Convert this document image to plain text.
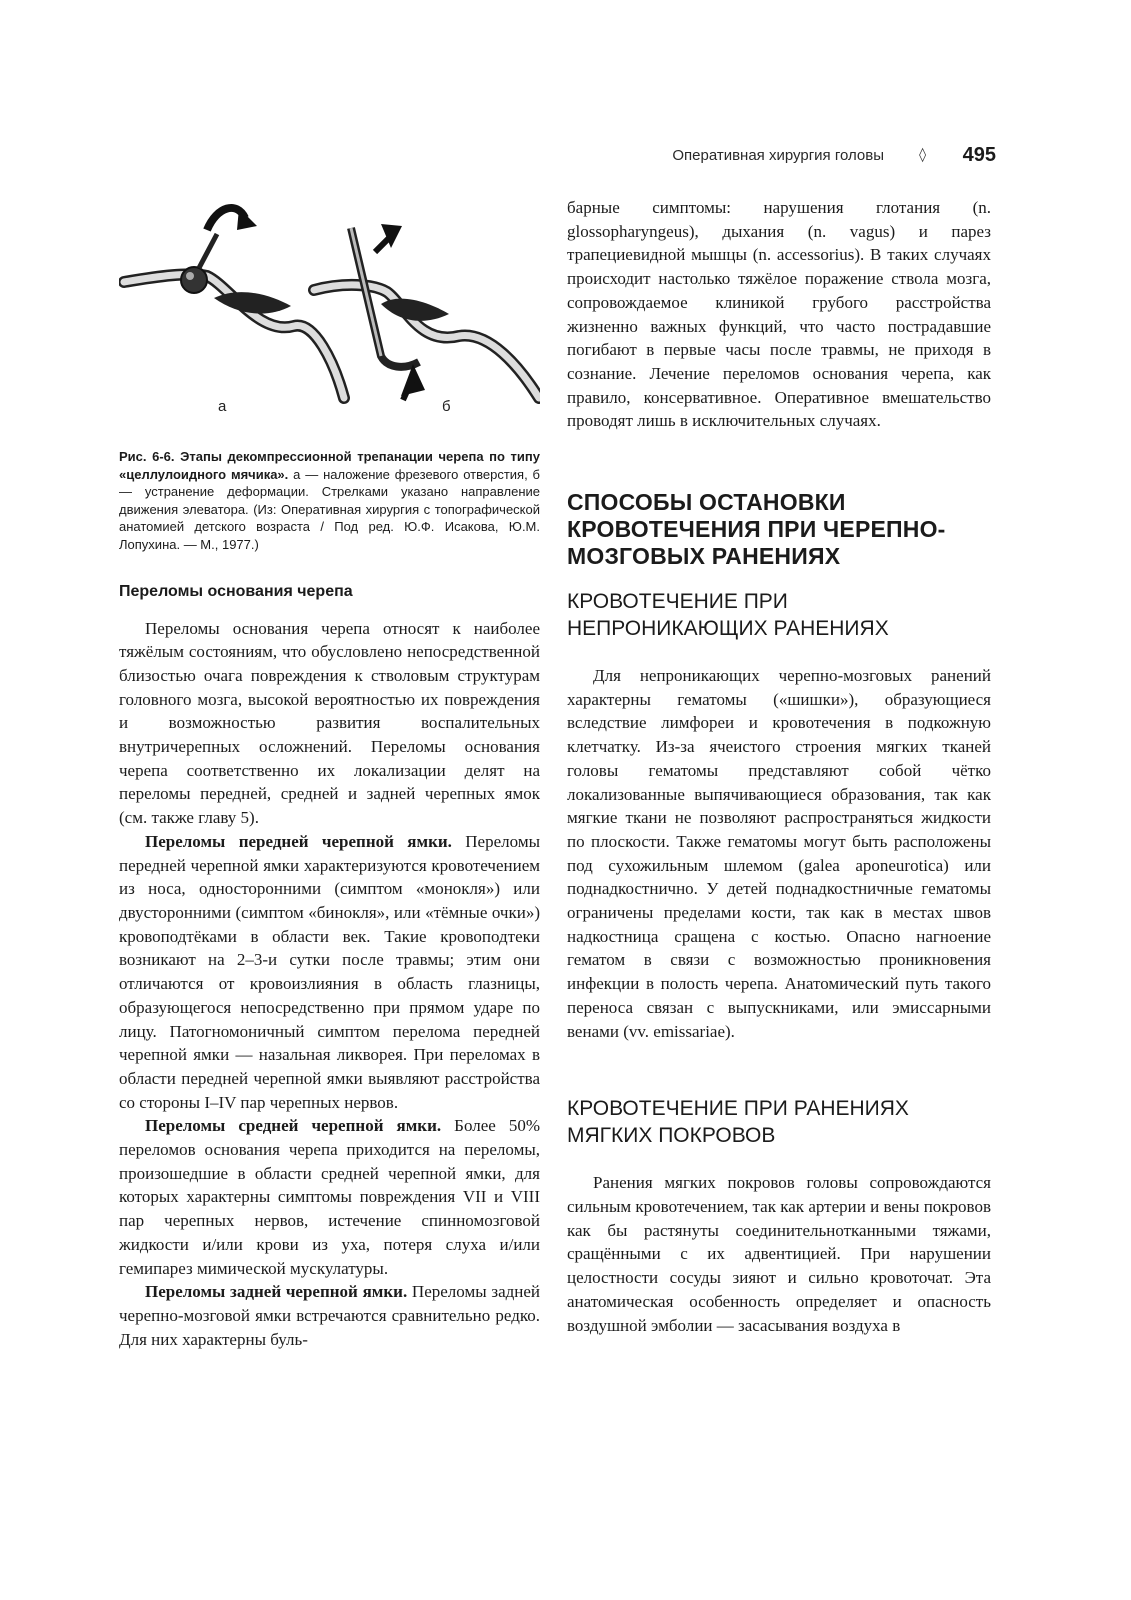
Оперативная хирургия головы	◊ 495
а	б

Рис. 6-6. Этапы декомпрессионной трепанации черепа по типу «целлулоидного мячика». а — наложение фрезевого отверстия, б — устранение деформации. Стрелками указано направление движения элеватора. (Из: Оперативная хирургия с топографической анатомией детского возраста / Под ред. Ю.Ф. Исакова, Ю.М. Лопухина. — М., 1977.)

Переломы основания черепа

Переломы основания черепа относят к наиболее тяжёлым состояниям, что обусловлено непосредственной близостью очага повреждения к стволовым структурам головного мозга, высокой вероятностью их повреждения и возможностью развития воспалительных внутричерепных осложнений. Переломы основания черепа соответственно их локализации делят на переломы передней, средней и задней черепных ямок (см. также главу 5).

Переломы передней черепной ямки. Переломы передней черепной ямки характеризуются кровотечением из носа, односторонними (симптом «монокля») или двусторонними (симптом «бинокля», или «тёмные очки») кровоподтёками в области век. Такие кровоподтеки возникают на 2–3-и сутки после травмы; этим они отличаются от кровоизлияния в область глазницы, образующегося непосредственно при прямом ударе по лицу. Патогномоничный симптом перелома передней черепной ямки — назальная ликворея. При переломах в области передней черепной ямки выявляют расстройства со стороны I–IV пар черепных нервов.

Переломы средней черепной ямки. Более 50% переломов основания черепа приходится на переломы, произошедшие в области средней черепной ямки, для которых характерны симптомы повреждения VII и VIII пар черепных нервов, истечение спинномозговой жидкости и/или крови из уха, потеря слуха и/или гемипарез мимической мускулатуры.

Переломы задней черепной ямки. Переломы задней черепно-мозговой ямки встречаются сравнительно редко. Для них характерны буль-

барные симптомы: нарушения глотания (n. glossopharyngeus), дыхания (n. vagus) и парез трапециевидной мышцы (n. accessorius). В таких случаях происходит настолько тяжёлое поражение ствола мозга, сопровождаемое клиникой грубого расстройства жизненно важных функций, что часто пострадавшие погибают в первые часы после травмы, не приходя в сознание. Лечение переломов основания черепа, как правило, консервативное. Оперативное вмешательство проводят лишь в исключительных случаях.

СПОСОБЫ ОСТАНОВКИ КРОВОТЕЧЕНИЯ ПРИ ЧЕРЕПНО-МОЗГОВЫХ РАНЕНИЯХ
КРОВОТЕЧЕНИЕ ПРИ НЕПРОНИКАЮЩИХ РАНЕНИЯХ

Для непроникающих черепно-мозговых ранений характерны гематомы («шишки»), образующиеся вследствие лимфореи и кровотечения в подкожную клетчатку. Из-за ячеистого строения мягких тканей головы гематомы представляют собой чётко локализованные выпячивающиеся образования, так как мягкие ткани не позволяют распространяться жидкости по плоскости. Также гематомы могут быть расположены под сухожильным шлемом (galea aponeurotica) или поднадкостнично. У детей поднадкостничные гематомы ограничены пределами кости, так как в местах швов надкостница сращена с костью. Опасно нагноение гематом в связи с возможностью проникновения инфекции в полость черепа. Анатомический путь такого переноса связан с выпускниками, или эмиссарными венами (vv. emissariae).

КРОВОТЕЧЕНИЕ ПРИ РАНЕНИЯХ МЯГКИХ ПОКРОВОВ

Ранения мягких покровов головы сопровождаются сильным кровотечением, так как артерии и вены покровов как бы растянуты соединительнотканными тяжами, сращёнными с их адвентицией. При нарушении целостности сосуды зияют и сильно кровоточат. Эта анатомическая особенность определяет и опасность воздушной эмболии — засасывания воздуха в
